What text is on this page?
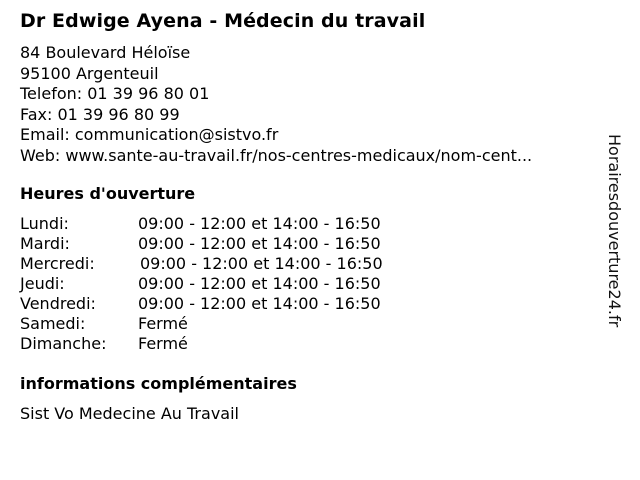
Dr Edwige Ayena - Médecin du travail
84 Boulevard Héloïse
95100 Argenteuil
Telefon: 01 39 96 80 01
Fax: 01 39 96 80 99
Email: communication@sistvo.fr
Web: www.sante-au-travail.fr/nos-centres-medicaux/nom-cent...
Heures d'ouverture
Lundi:	09:00 - 12:00 et 14:00 - 16:50
Mardi:	09:00 - 12:00 et 14:00 - 16:50
Mercredi:	09:00 - 12:00 et 14:00 - 16:50
Jeudi:	09:00 - 12:00 et 14:00 - 16:50
Vendredi:	09:00 - 12:00 et 14:00 - 16:50
Samedi:	Fermé
Dimanche: Fermé
informations complémentaires
Sist Vo Medecine Au Travail
Horairesdouverture24.fr
